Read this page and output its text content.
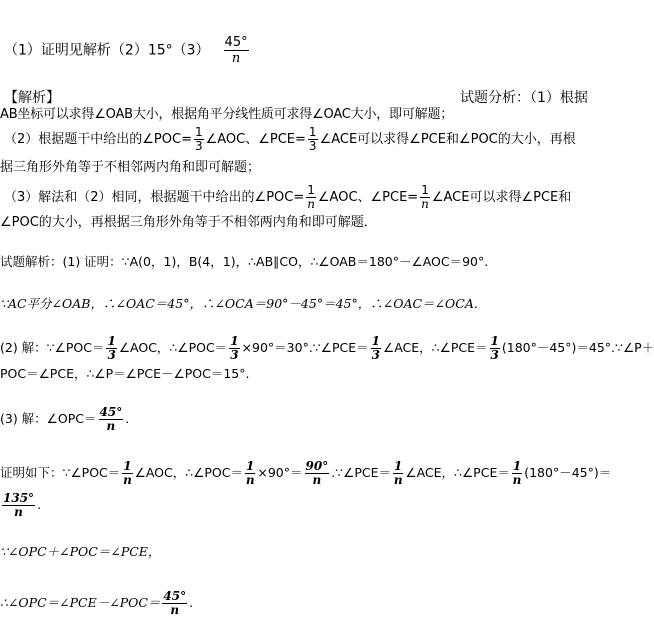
（1）证明见解析$(2)15^\circ(3) \frac{45^\circ}{n}$
【解析】	试题分析：（1）根据
AB坐标可以求得∠OAB大小，根据角平分线性质可求得∠OAC大小，即可解题；
（2）根据题干中给出的∠POC= $\frac{1}{3}$ ∠AOC、∠PCE= $\frac{1}{3}$ ∠ACE可以求得∠PCE和∠POC的大小，再根
据三角形外角等于不相邻两内角和即可解题；
（3）解法和（2）相同，根据题干中给出的∠POC= $\frac{1}{n}$ ∠AOC、∠PCE= $\frac{1}{n}$ ∠ACE可以求得∠PCE和
∠POC的大小，再根据三角形外角等于不相邻两内角和即可解题．
试题解析：(1) 证明：∵A(0，1)，B(4，1)，∴AB∥CO，∴∠OAB＝180°－∠AOC＝90°.
∵AC平分∠OAB，∴∠OAC＝45°，∴∠OCA＝90°－45°＝45°，∴∠OAC＝∠OCA.
(2) 解：∵∠POC＝ $\frac{1}{3}$ ∠AOC，∴∠POC＝ $\frac{1}{3}$ ×90°＝30°.∵∠PCE＝ $\frac{1}{3}$ ∠ACE，∴∠PCE＝ $\frac{1}{3}$ (180°－45°)＝45°.∵∠P＋
POC＝∠PCE，∴∠P＝∠PCE－∠POC＝15°.
(3) 解：∠OPC＝ $\frac{45^\circ}{n}$ .
证明如下：∵∠POC＝ $\frac{1}{n}$ ∠AOC，∴∠POC＝ $\frac{1}{n} \times 90^\circ= \frac{90^\circ}{n}$ .∵∠PCE＝ $\frac{1}{n}$ ∠ACE，∴∠PCE＝ $\frac{1}{n} (180^\circ-45^\circ)=$
$\frac{135^\circ}{n}$ .
∵∠OPC＋∠POC＝∠PCE，
∴∠OPC＝∠PCE－∠POC＝ $\frac{45^\circ}{n}$ .
